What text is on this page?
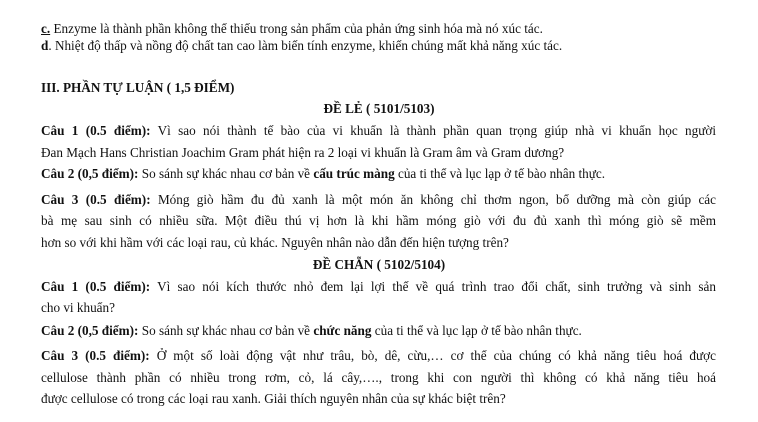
c. Enzyme là thành phần không thể thiếu trong sản phẩm của phản ứng sinh hóa mà nó xúc tác.
d. Nhiệt độ thấp và nồng độ chất tan cao làm biến tính enzyme, khiến chúng mất khả năng xúc tác.
III. PHẦN TỰ LUẬN ( 1,5 ĐIỂM)
ĐỀ LẺ ( 5101/5103)
Câu 1 (0.5 điểm): Vì sao nói thành tế bào của vi khuẩn là thành phần quan trọng giúp nhà vi khuẩn học người
Đan Mạch Hans Christian Joachim Gram phát hiện ra 2 loại vi khuẩn là Gram âm và Gram dương?
Câu 2 (0,5 điểm): So sánh sự khác nhau cơ bản về cấu trúc màng của ti thể và lục lạp ở tế bào nhân thực.
Câu 3 (0.5 điểm): Móng giò hầm đu đủ xanh là một món ăn không chỉ thơm ngon, bổ dưỡng mà còn giúp các
bà mẹ sau sinh có nhiều sữa. Một điều thú vị hơn là khi hầm móng giò với đu đủ xanh thì móng giò sẽ mềm
hơn so với khi hầm với các loại rau, củ khác. Nguyên nhân nào dẫn đến hiện tượng trên?
ĐỀ CHẴN ( 5102/5104)
Câu 1 (0.5 điểm): Vì sao nói kích thước nhỏ đem lại lợi thế về quá trình trao đổi chất, sinh trưởng và sinh sản
cho vi khuẩn?
Câu 2 (0,5 điểm): So sánh sự khác nhau cơ bản về chức năng của ti thể và lục lạp ở tế bào nhân thực.
Câu 3 (0.5 điểm): Ở một số loài động vật như trâu, bò, dê, cừu,… cơ thể của chúng có khả năng tiêu hoá được
cellulose thành phần có nhiều trong rơm, cỏ, lá cây,…., trong khi con người thì không có khả năng tiêu hoá
được cellulose có trong các loại rau xanh. Giải thích nguyên nhân của sự khác biệt trên?
